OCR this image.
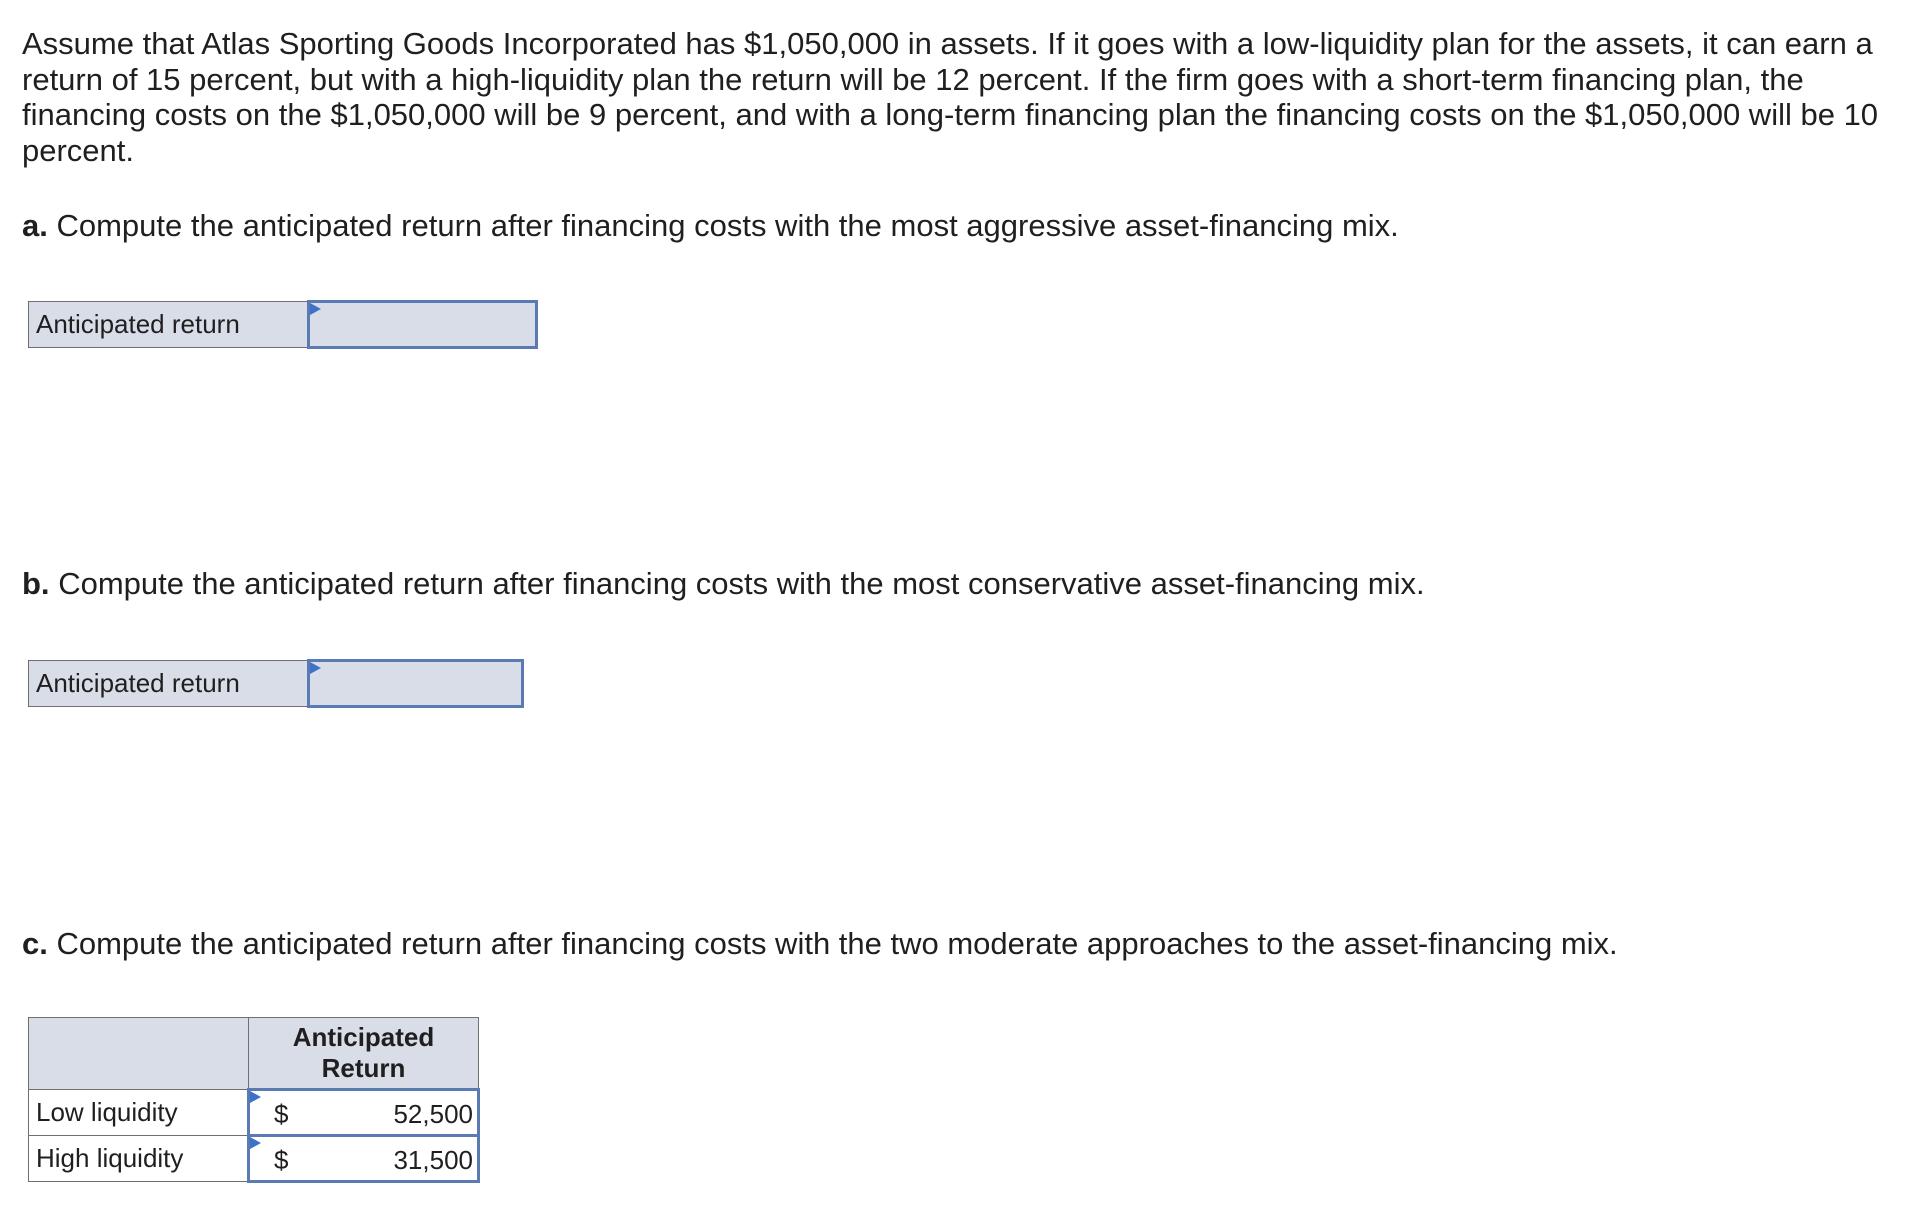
Assume that Atlas Sporting Goods Incorporated has $1,050,000 in assets. If it goes with a low-liquidity plan for the assets, it can earn a return of 15 percent, but with a high-liquidity plan the return will be 12 percent. If the firm goes with a short-term financing plan, the financing costs on the $1,050,000 will be 9 percent, and with a long-term financing plan the financing costs on the $1,050,000 will be 10 percent.

a. Compute the anticipated return after financing costs with the most aggressive asset-financing mix.

Anticipated return	

b. Compute the anticipated return after financing costs with the most conservative asset-financing mix.

Anticipated return	

c. Compute the anticipated return after financing costs with the two moderate approaches to the asset-financing mix.

	Anticipated
Return
Low liquidity	$ 52,500

High liquidity	$ 31,500
